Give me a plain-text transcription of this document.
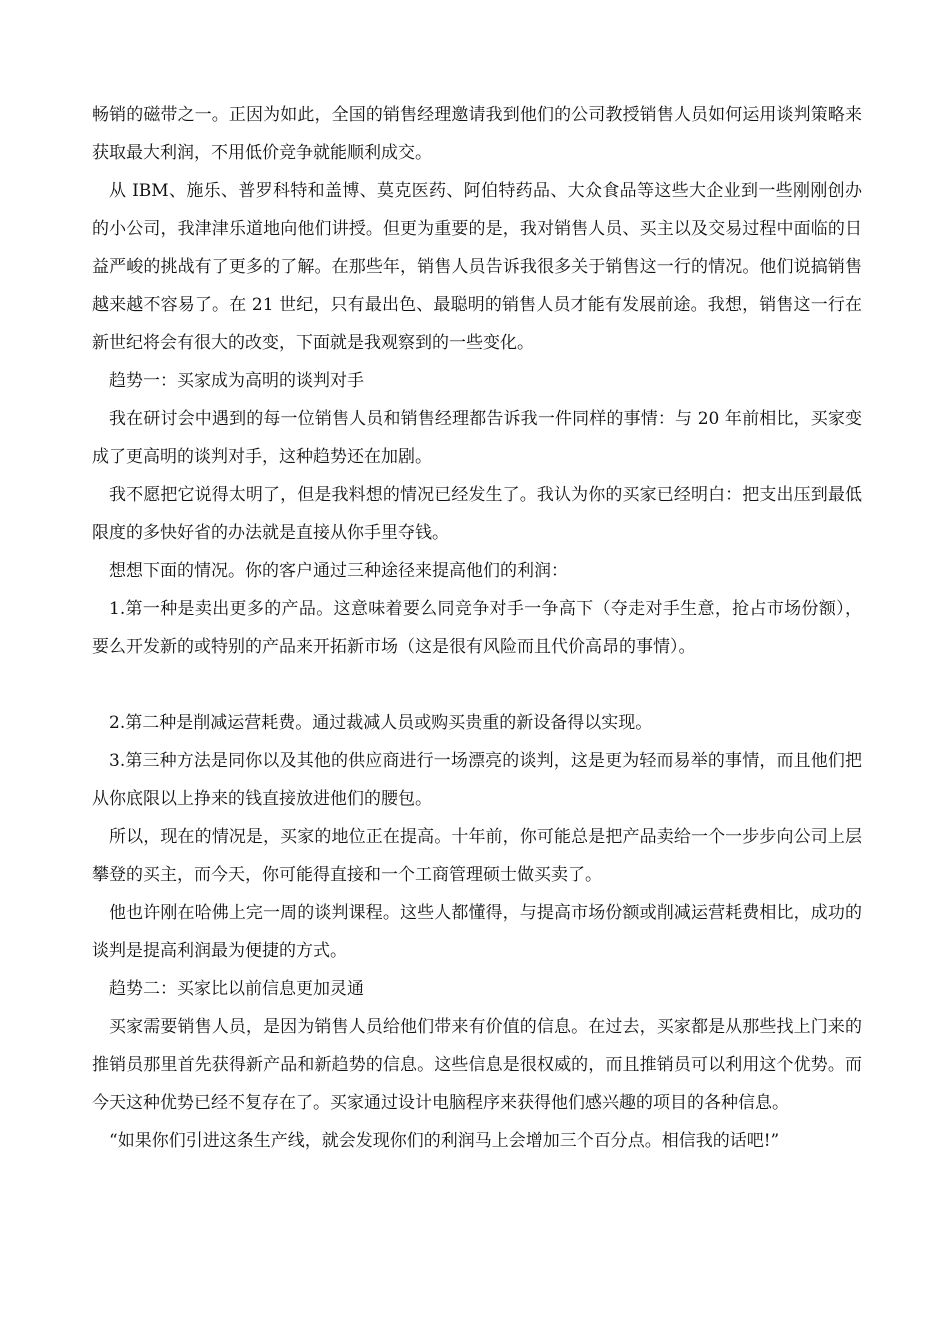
畅销的磁带之一。正因为如此，全国的销售经理邀请我到他们的公司教授销售人员如何运用谈判策略来获取最大利润，不用低价竞争就能顺利成交。

从 IBM、施乐、普罗科特和盖博、莫克医药、阿伯特药品、大众食品等这些大企业到一些刚刚创办的小公司，我津津乐道地向他们讲授。但更为重要的是，我对销售人员、买主以及交易过程中面临的日益严峻的挑战有了更多的了解。在那些年，销售人员告诉我很多关于销售这一行的情况。他们说搞销售越来越不容易了。在 21 世纪，只有最出色、最聪明的销售人员才能有发展前途。我想，销售这一行在新世纪将会有很大的改变，下面就是我观察到的一些变化。

趋势一：买家成为高明的谈判对手

我在研讨会中遇到的每一位销售人员和销售经理都告诉我一件同样的事情：与 20 年前相比，买家变成了更高明的谈判对手，这种趋势还在加剧。

我不愿把它说得太明了，但是我料想的情况已经发生了。我认为你的买家已经明白：把支出压到最低限度的多快好省的办法就是直接从你手里夺钱。

想想下面的情况。你的客户通过三种途径来提高他们的利润：

1.第一种是卖出更多的产品。这意味着要么同竞争对手一争高下（夺走对手生意，抢占市场份额），要么开发新的或特别的产品来开拓新市场（这是很有风险而且代价高昂的事情）。

2.第二种是削减运营耗费。通过裁减人员或购买贵重的新设备得以实现。

3.第三种方法是同你以及其他的供应商进行一场漂亮的谈判，这是更为轻而易举的事情，而且他们把从你底限以上挣来的钱直接放进他们的腰包。

所以，现在的情况是，买家的地位正在提高。十年前，你可能总是把产品卖给一个一步步向公司上层攀登的买主，而今天，你可能得直接和一个工商管理硕士做买卖了。

他也许刚在哈佛上完一周的谈判课程。这些人都懂得，与提高市场份额或削减运营耗费相比，成功的谈判是提高利润最为便捷的方式。

趋势二：买家比以前信息更加灵通

买家需要销售人员，是因为销售人员给他们带来有价值的信息。在过去，买家都是从那些找上门来的推销员那里首先获得新产品和新趋势的信息。这些信息是很权威的，而且推销员可以利用这个优势。而今天这种优势已经不复存在了。买家通过设计电脑程序来获得他们感兴趣的项目的各种信息。

“如果你们引进这条生产线，就会发现你们的利润马上会增加三个百分点。相信我的话吧!”
